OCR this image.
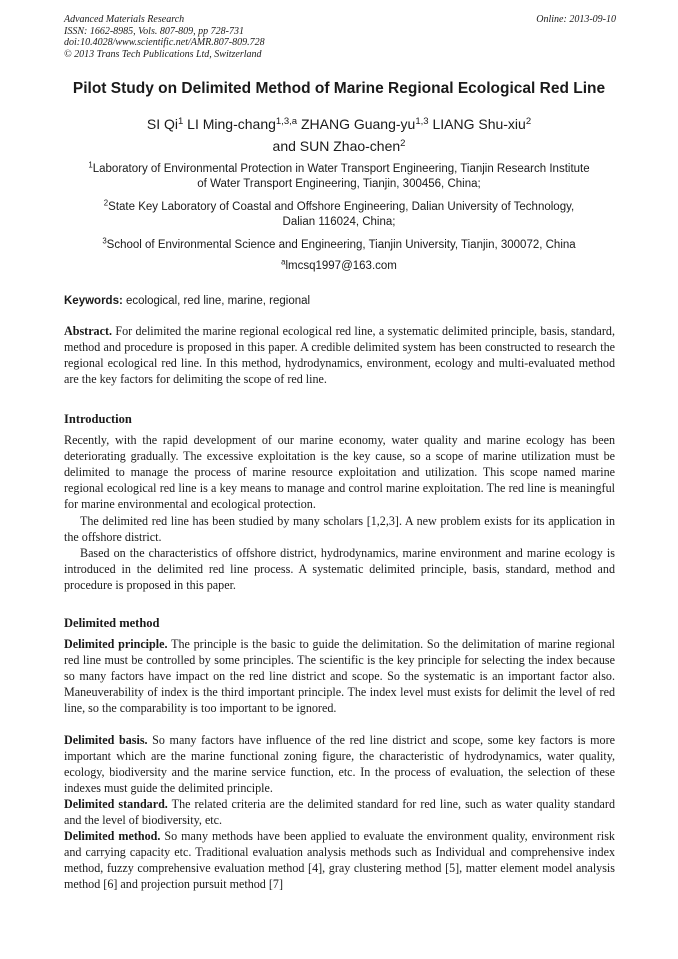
Advanced Materials Research
ISSN: 1662-8985, Vols. 807-809, pp 728-731
doi:10.4028/www.scientific.net/AMR.807-809.728
© 2013 Trans Tech Publications Ltd, Switzerland
Online: 2013-09-10
Pilot Study on Delimited Method of Marine Regional Ecological Red Line
SI Qi$^1$ LI Ming-chang$^{1,3,a}$ ZHANG Guang-yu$^{1,3}$ LIANG Shu-xiu$^2$
and SUN Zhao-chen$^2$
$^1$Laboratory of Environmental Protection in Water Transport Engineering, Tianjin Research Institute
of Water Transport Engineering, Tianjin, 300456, China;
$^2$State Key Laboratory of Coastal and Offshore Engineering, Dalian University of Technology,
Dalian 116024, China;
$^3$School of Environmental Science and Engineering, Tianjin University, Tianjin, 300072, China
$^a$lmcsq1997@163.com
Keywords: ecological, red line, marine, regional
Abstract. For delimited the marine regional ecological red line, a systematic delimited principle, basis, standard, method and procedure is proposed in this paper. A credible delimited system has been constructed to research the regional ecological red line. In this method, hydrodynamics, environment, ecology and multi-evaluated method are the key factors for delimiting the scope of red line.
Introduction
Recently, with the rapid development of our marine economy, water quality and marine ecology has been deteriorating gradually. The excessive exploitation is the key cause, so a scope of marine utilization must be delimited to manage the process of marine resource exploitation and utilization. This scope named marine regional ecological red line is a key means to manage and control marine exploitation. The red line is meaningful for marine environmental and ecological protection.
The delimited red line has been studied by many scholars [1,2,3]. A new problem exists for its application in the offshore district.
Based on the characteristics of offshore district, hydrodynamics, marine environment and marine ecology is introduced in the delimited red line process. A systematic delimited principle, basis, standard, method and procedure is proposed in this paper.
Delimited method
Delimited principle. The principle is the basic to guide the delimitation. So the delimitation of marine regional red line must be controlled by some principles. The scientific is the key principle for selecting the index because so many factors have impact on the red line district and scope. So the systematic is an important factor also. Maneuverability of index is the third important principle. The index level must exists for delimit the level of red line, so the comparability is too important to be ignored.
Delimited basis. So many factors have influence of the red line district and scope, some key factors is more important which are the marine functional zoning figure, the characteristic of hydrodynamics, water quality, ecology, biodiversity and the marine service function, etc. In the process of evaluation, the selection of these indexes must guide the delimited principle.
Delimited standard. The related criteria are the delimited standard for red line, such as water quality standard and the level of biodiversity, etc.
Delimited method. So many methods have been applied to evaluate the environment quality, environment risk and carrying capacity etc. Traditional evaluation analysis methods such as Individual and comprehensive index method, fuzzy comprehensive evaluation method [4], gray clustering method [5], matter element model analysis method [6] and projection pursuit method [7]
